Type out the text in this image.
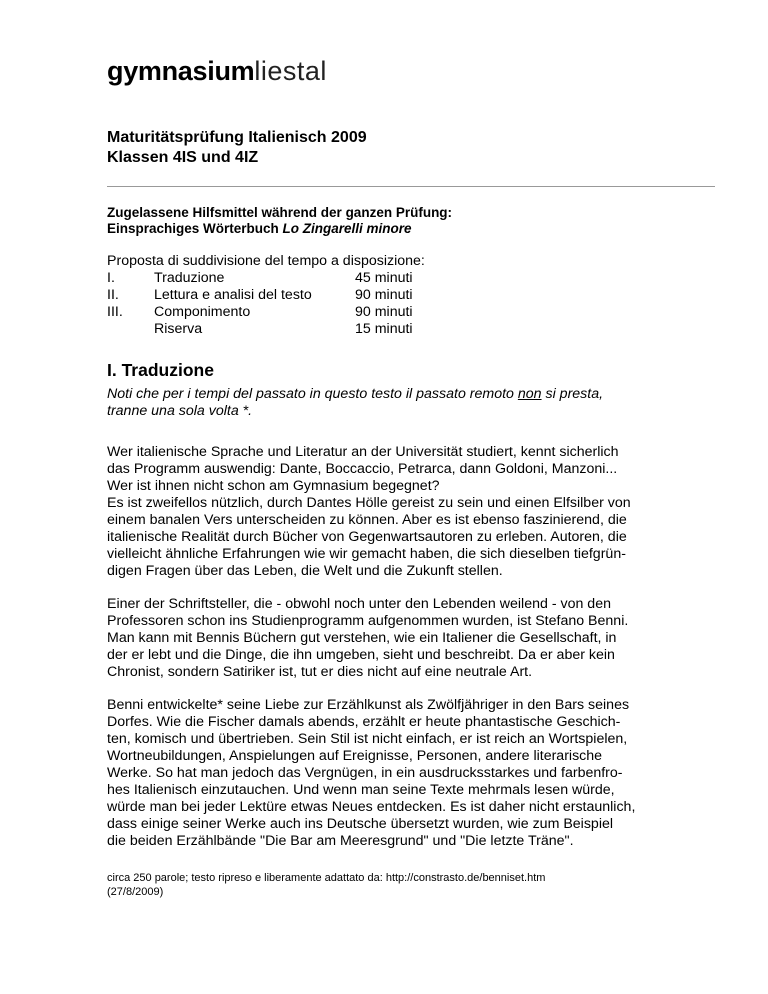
gymnasiumliestal
Maturitätsprüfung Italienisch 2009
Klassen 4IS und 4IZ
Zugelassene Hilfsmittel während der ganzen Prüfung:
Einsprachiges Wörterbuch Lo Zingarelli minore
Proposta di suddivisione del tempo a disposizione:
I.	Traduzione	45 minuti
II. Lettura e analisi del testo	90 minuti
III. Componimento	90 minuti
Riserva	15 minuti
I. Traduzione
Noti che per i tempi del passato in questo testo il passato remoto non si presta,
tranne una sola volta *.
Wer italienische Sprache und Literatur an der Universität studiert, kennt sicherlich
das Programm auswendig: Dante, Boccaccio, Petrarca, dann Goldoni, Manzoni...
Wer ist ihnen nicht schon am Gymnasium begegnet?
Es ist zweifellos nützlich, durch Dantes Hölle gereist zu sein und einen Elfsilber von
einem banalen Vers unterscheiden zu können. Aber es ist ebenso faszinierend, die
italienische Realität durch Bücher von Gegenwartsautoren zu erleben. Autoren, die
vielleicht ähnliche Erfahrungen wie wir gemacht haben, die sich dieselben tiefgrün-
digen Fragen über das Leben, die Welt und die Zukunft stellen.
Einer der Schriftsteller, die - obwohl noch unter den Lebenden weilend - von den
Professoren schon ins Studienprogramm aufgenommen wurden, ist Stefano Benni.
Man kann mit Bennis Büchern gut verstehen, wie ein Italiener die Gesellschaft, in
der er lebt und die Dinge, die ihn umgeben, sieht und beschreibt. Da er aber kein
Chronist, sondern Satiriker ist, tut er dies nicht auf eine neutrale Art.
Benni entwickelte* seine Liebe zur Erzählkunst als Zwölfjähriger in den Bars seines
Dorfes. Wie die Fischer damals abends, erzählt er heute phantastische Geschich-
ten, komisch und übertrieben. Sein Stil ist nicht einfach, er ist reich an Wortspielen,
Wortneubildungen, Anspielungen auf Ereignisse, Personen, andere literarische
Werke. So hat man jedoch das Vergnügen, in ein ausdrucksstarkes und farbenfro-
hes Italienisch einzutauchen. Und wenn man seine Texte mehrmals lesen würde,
würde man bei jeder Lektüre etwas Neues entdecken. Es ist daher nicht erstaunlich,
dass einige seiner Werke auch ins Deutsche übersetzt wurden, wie zum Beispiel
die beiden Erzählbände "Die Bar am Meeresgrund" und "Die letzte Träne".
circa 250 parole; testo ripreso e liberamente adattato da: http://constrasto.de/benniset.htm
(27/8/2009)
